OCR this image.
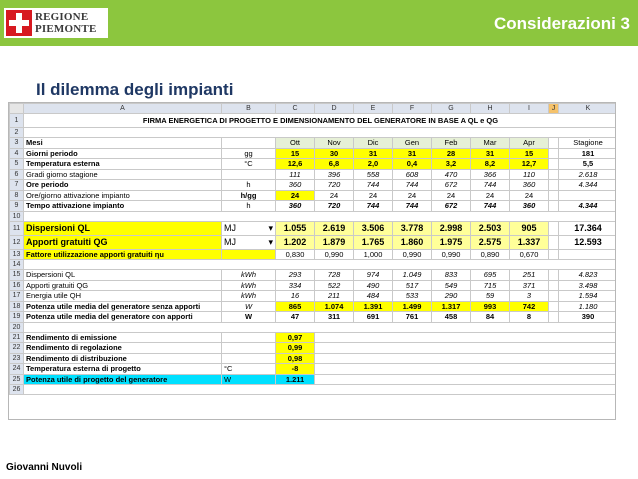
REGIONE
PIEMONTE	Considerazioni 3
Il dilemma degli impianti
	A	B	C	D	E	F	G	H	I	J	K
1	FIRMA ENERGETICA DI PROGETTO E DIMENSIONAMENTO DEL GENERATORE IN BASE A QL e QG										
2											
3	Mesi		Ott	Nov	Dic	Gen	Feb	Mar	Apr		Stagione
4	Giorni periodo	gg	15	30	31	31	28	31	15		181
5	Temperatura esterna	°C	12,6	6,8	2,0	0,4	3,2	8,2	12,7		5,5
6	Gradi giorno stagione		111	396	558	608	470	366	110		2.618
7	Ore periodo	h	360	720	744	744	672	744	360		4.344
8	Ore/giorno attivazione impianto	h/gg	24	24	24	24	24	24	24		
9	Tempo attivazione impianto	h	360	720	744	744	672	744	360		4.344
10											
11	Dispersioni QL	MJ ▾	1.055	2.619	3.506	3.778	2.998	2.503	905		17.364
12	Apporti gratuiti QG	MJ ▾	1.202	1.879	1.765	1.860	1.975	2.575	1.337		12.593
13	Fattore utilizzazione apporti gratuiti ηu		0,830	0,990	1,000	0,990	0,990	0,890	0,670		
14											
15	Dispersioni QL	kWh	293	728	974	1.049	833	695	251		4.823
16	Apporti gratuiti QG	kWh	334	522	490	517	549	715	371		3.498
17	Energia utile QH	kWh	16	211	484	533	290	59	3		1.594
18	Potenza utile media del generatore senza apporti	W	865	1.074	1.391	1.499	1.317	993	742		1.180
19	Potenza utile media del generatore con apporti	W	47	311	691	761	458	84	8		390
20											
21	Rendimento di emissione		0,97								
22	Rendimento di regolazione		0,99								
23	Rendimento di distribuzione		0,98								
24	Temperatura esterna di progetto	°C	-8								
25	Potenza utile di progetto del generatore	W	1.211								
26											
Giovanni Nuvoli
